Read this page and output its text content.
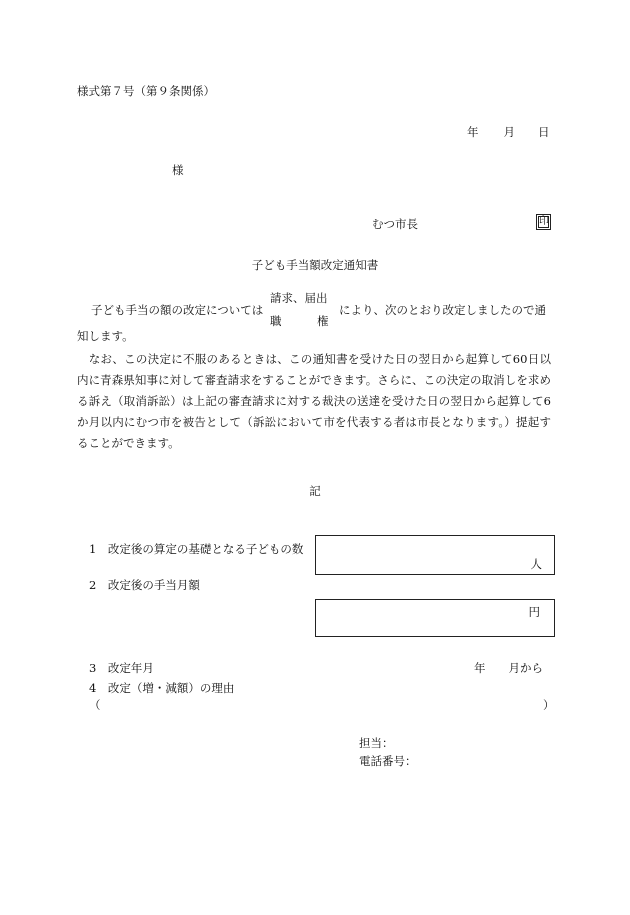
様式第７号（第９条関係）
年 月 日
様
むつ市長	印
子ども手当額改定通知書
子ども手当の額の改定については
請求、届出
職	権
により、次のとおり改定しましたので通
知します。
　なお、この決定に不服のあるときは、この通知書を受けた日の翌日から起算して60日以内に青森県知事に対して審査請求をすることができます。さらに、この決定の取消しを求める訴え（取消訴訟）は上記の審査請求に対する裁決の送達を受けた日の翌日から起算して6か月以内にむつ市を被告として（訴訟において市を代表する者は市長となります。）提起することができます。
記
1　改定後の算定の基礎となる子どもの数
人
2　改定後の手当月額
円
3　改定年月	年　　月から
4　改定（増・減額）の理由
（	）
担当：
電話番号：
